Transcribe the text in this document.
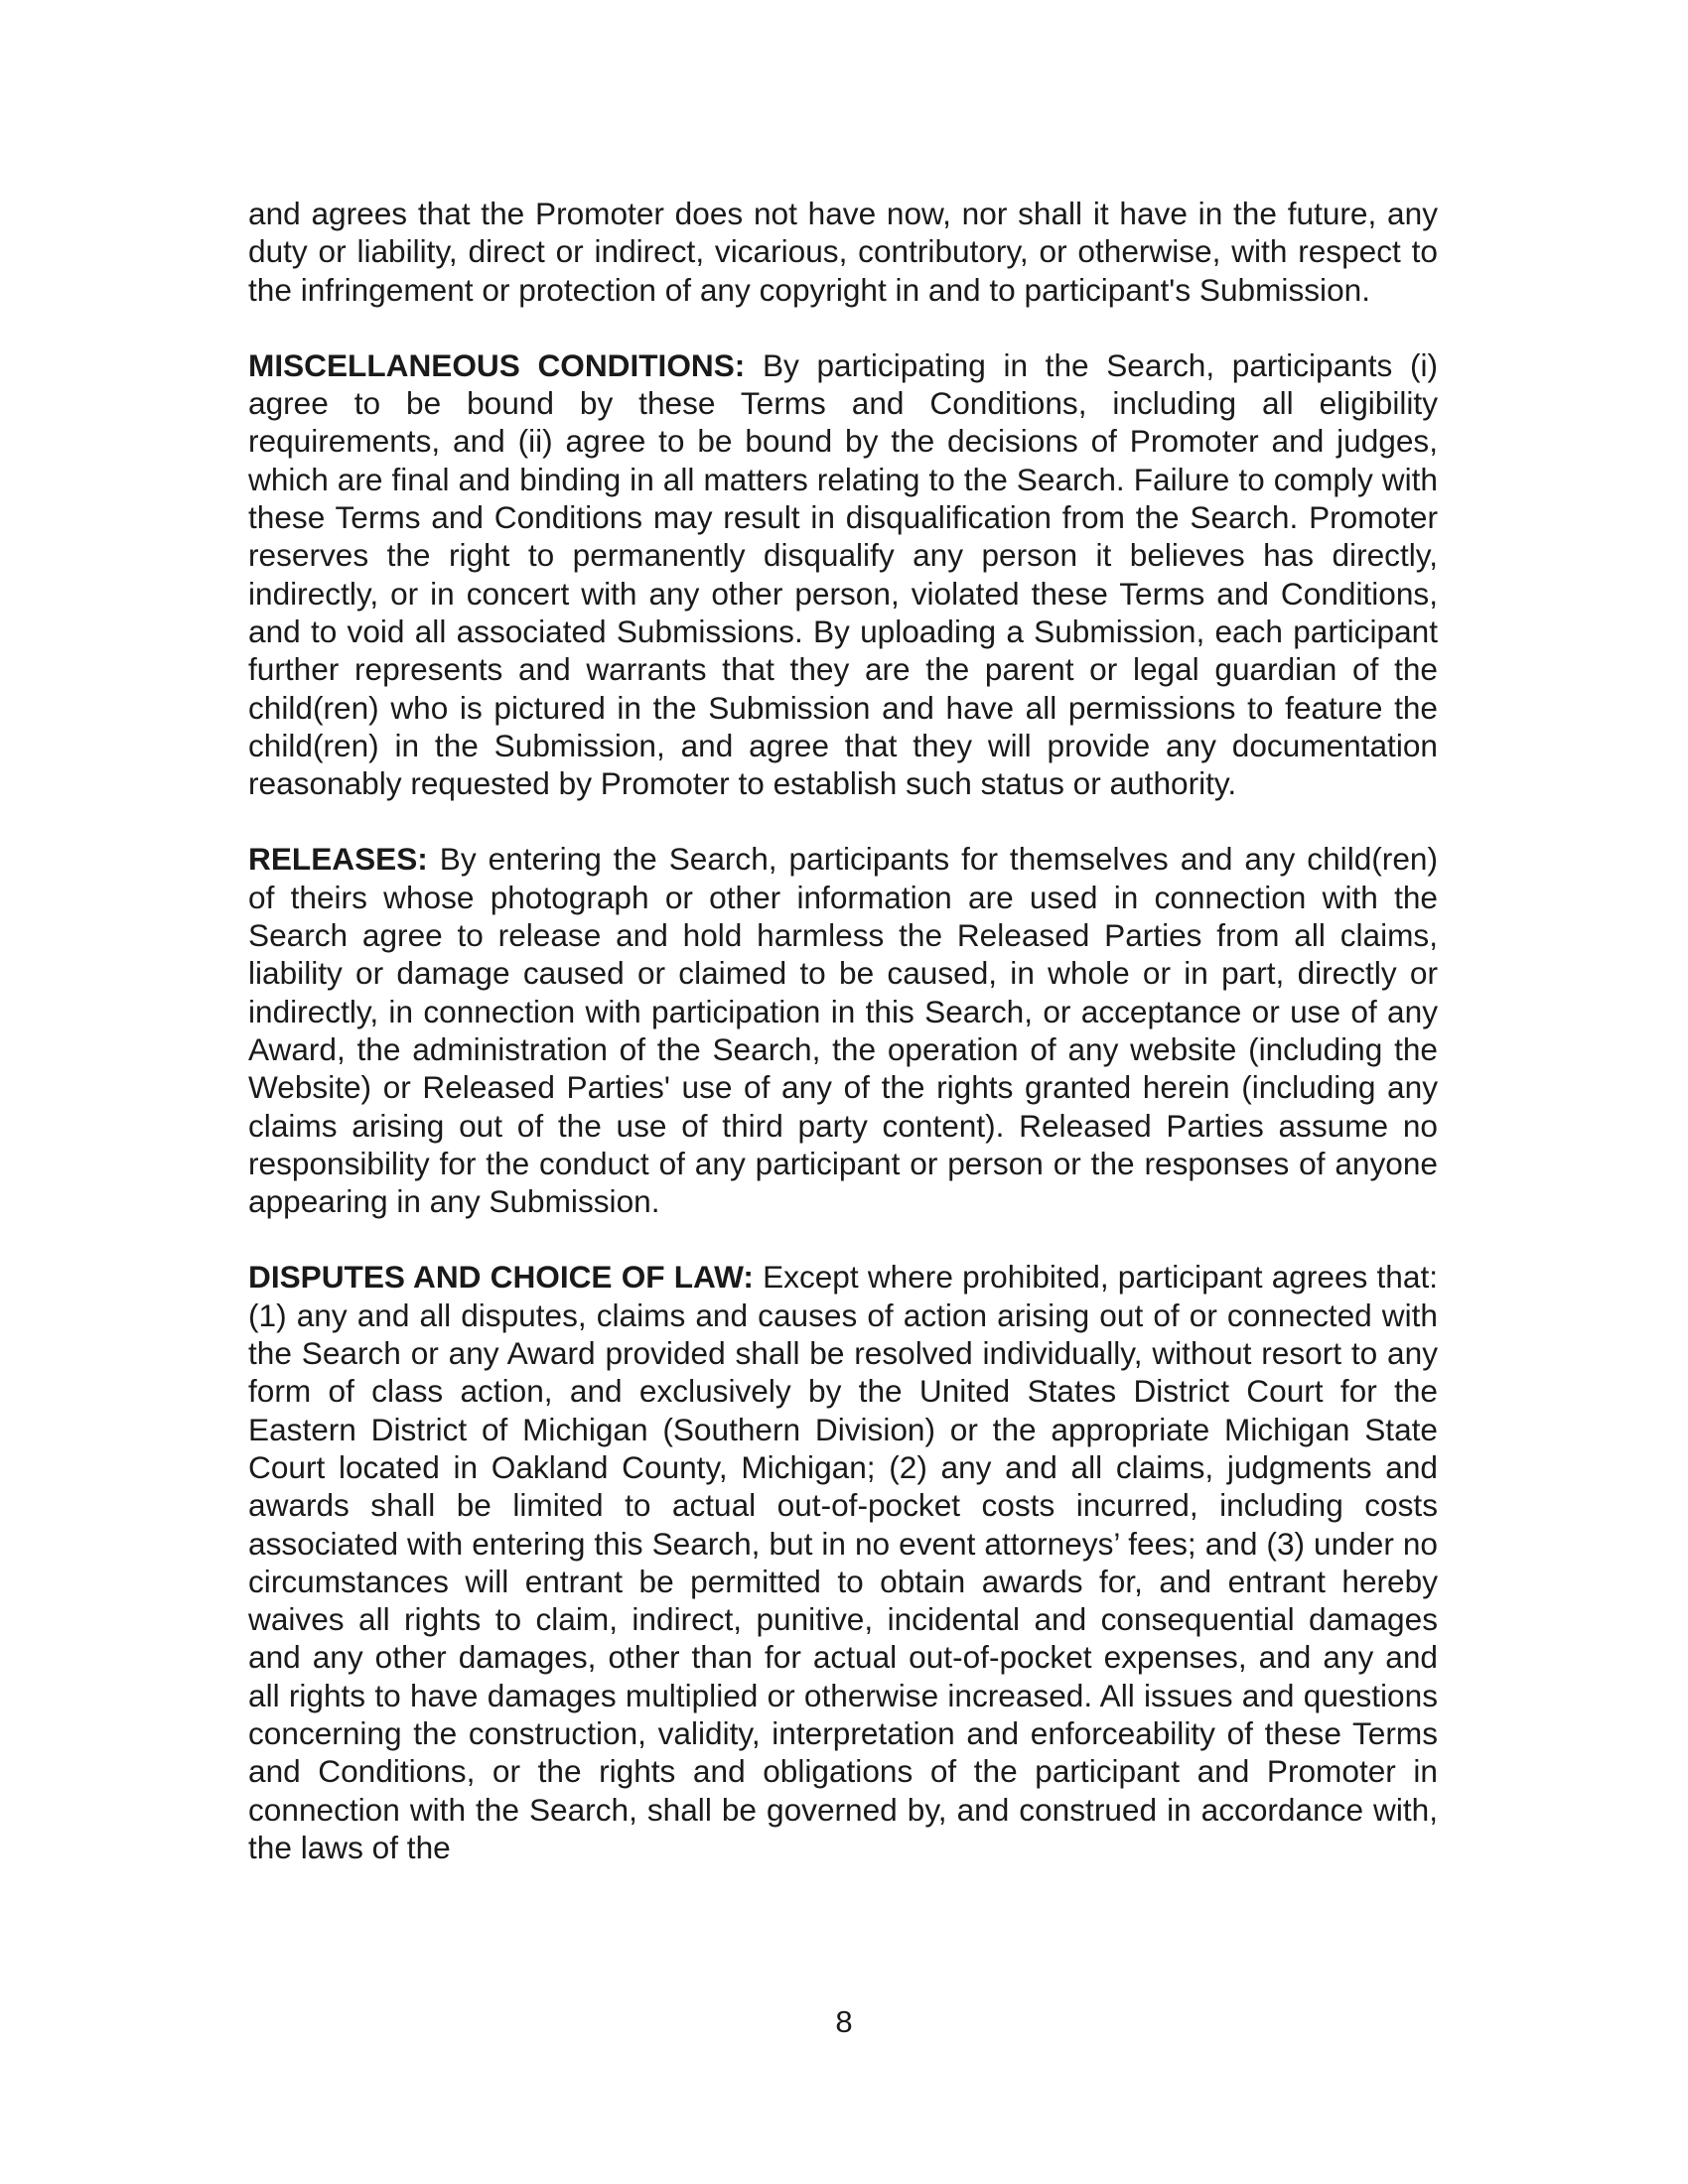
and agrees that the Promoter does not have now, nor shall it have in the future, any duty or liability, direct or indirect, vicarious, contributory, or otherwise, with respect to the infringement or protection of any copyright in and to participant's Submission.

MISCELLANEOUS CONDITIONS: By participating in the Search, participants (i) agree to be bound by these Terms and Conditions, including all eligibility requirements, and (ii) agree to be bound by the decisions of Promoter and judges, which are final and binding in all matters relating to the Search. Failure to comply with these Terms and Conditions may result in disqualification from the Search. Promoter reserves the right to permanently disqualify any person it believes has directly, indirectly, or in concert with any other person, violated these Terms and Conditions, and to void all associated Submissions. By uploading a Submission, each participant further represents and warrants that they are the parent or legal guardian of the child(ren) who is pictured in the Submission and have all permissions to feature the child(ren) in the Submission, and agree that they will provide any documentation reasonably requested by Promoter to establish such status or authority.

RELEASES: By entering the Search, participants for themselves and any child(ren) of theirs whose photograph or other information are used in connection with the Search agree to release and hold harmless the Released Parties from all claims, liability or damage caused or claimed to be caused, in whole or in part, directly or indirectly, in connection with participation in this Search, or acceptance or use of any Award, the administration of the Search, the operation of any website (including the Website) or Released Parties' use of any of the rights granted herein (including any claims arising out of the use of third party content). Released Parties assume no responsibility for the conduct of any participant or person or the responses of anyone appearing in any Submission.

DISPUTES AND CHOICE OF LAW: Except where prohibited, participant agrees that: (1) any and all disputes, claims and causes of action arising out of or connected with the Search or any Award provided shall be resolved individually, without resort to any form of class action, and exclusively by the United States District Court for the Eastern District of Michigan (Southern Division) or the appropriate Michigan State Court located in Oakland County, Michigan; (2) any and all claims, judgments and awards shall be limited to actual out-of-pocket costs incurred, including costs associated with entering this Search, but in no event attorneys’ fees; and (3) under no circumstances will entrant be permitted to obtain awards for, and entrant hereby waives all rights to claim, indirect, punitive, incidental and consequential damages and any other damages, other than for actual out-of-pocket expenses, and any and all rights to have damages multiplied or otherwise increased. All issues and questions concerning the construction, validity, interpretation and enforceability of these Terms and Conditions, or the rights and obligations of the participant and Promoter in connection with the Search, shall be governed by, and construed in accordance with, the laws of the

8
